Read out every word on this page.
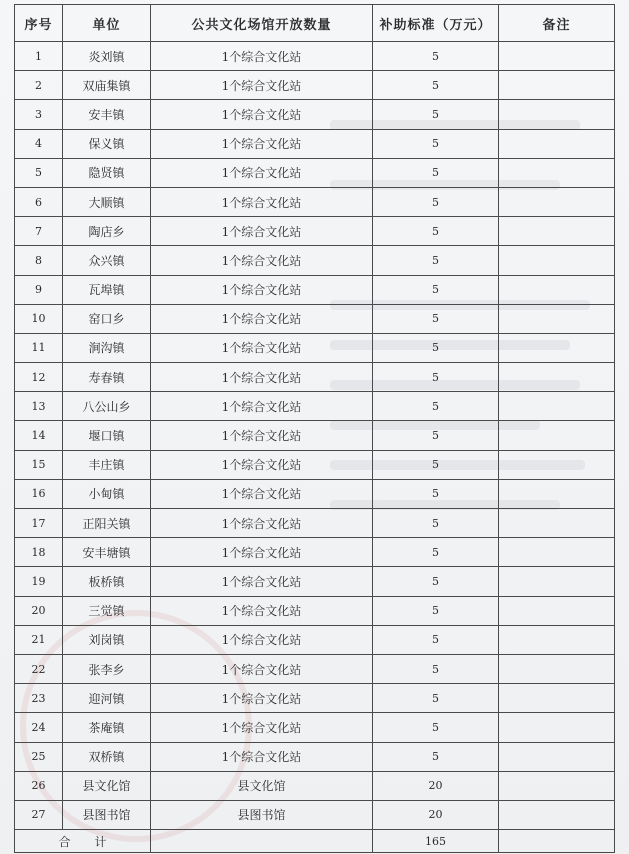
序号	单位	公共文化场馆开放数量	补助标准（万元）	备注
1	炎刘镇	1个综合文化站	5	
2	双庙集镇	1个综合文化站	5	
3	安丰镇	1个综合文化站	5	
4	保义镇	1个综合文化站	5	
5	隐贤镇	1个综合文化站	5	
6	大顺镇	1个综合文化站	5	
7	陶店乡	1个综合文化站	5	
8	众兴镇	1个综合文化站	5	
9	瓦埠镇	1个综合文化站	5	
10	窑口乡	1个综合文化站	5	
11	涧沟镇	1个综合文化站	5	
12	寿春镇	1个综合文化站	5	
13	八公山乡	1个综合文化站	5	
14	堰口镇	1个综合文化站	5	
15	丰庄镇	1个综合文化站	5	
16	小甸镇	1个综合文化站	5	
17	正阳关镇	1个综合文化站	5	
18	安丰塘镇	1个综合文化站	5	
19	板桥镇	1个综合文化站	5	
20	三觉镇	1个综合文化站	5	
21	刘岗镇	1个综合文化站	5	
22	张李乡	1个综合文化站	5	
23	迎河镇	1个综合文化站	5	
24	茶庵镇	1个综合文化站	5	
25	双桥镇	1个综合文化站	5	
26	县文化馆	县文化馆	20	
27	县图书馆	县图书馆	20	
合　　计			165	
